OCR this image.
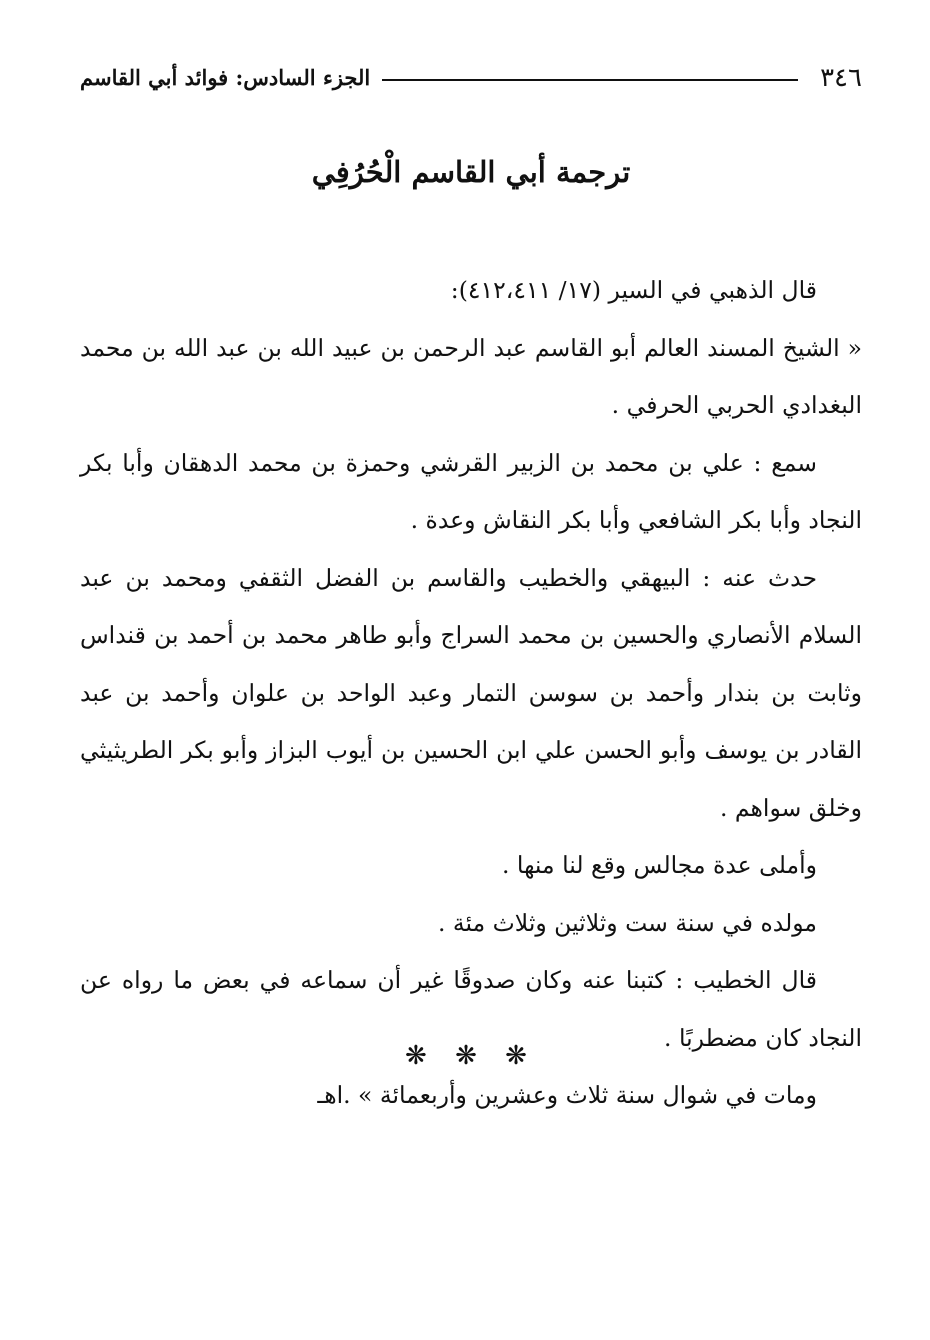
٣٤٦
الجزء السادس: فوائد أبي القاسم
ترجمة أبي القاسم الْحُرُفِي

قال الذهبي في السير (١٧/ ٤١٢،٤١١):

« الشيخ المسند العالم أبو القاسم عبد الرحمن بن عبيد الله بن عبد الله بن محمد البغدادي الحربي الحرفي .

سمع : علي بن محمد بن الزبير القرشي وحمزة بن محمد الدهقان وأبا بكر النجاد وأبا بكر الشافعي وأبا بكر النقاش وعدة .

حدث عنه : البيهقي والخطيب والقاسم بن الفضل الثقفي ومحمد بن عبد السلام الأنصاري والحسين بن محمد السراج وأبو طاهر محمد بن أحمد بن قنداس وثابت بن بندار وأحمد بن سوسن التمار وعبد الواحد بن علوان وأحمد بن عبد القادر بن يوسف وأبو الحسن علي ابن الحسين بن أيوب البزاز وأبو بكر الطريثيثي وخلق سواهم .

وأملى عدة مجالس وقع لنا منها .

مولده في سنة ست وثلاثين وثلاث مئة .

قال الخطيب : كتبنا عنه وكان صدوقًا غير أن سماعه في بعض ما رواه عن النجاد كان مضطربًا .

ومات في شوال سنة ثلاث وعشرين وأربعمائة » .اهـ

❋ ❋ ❋
